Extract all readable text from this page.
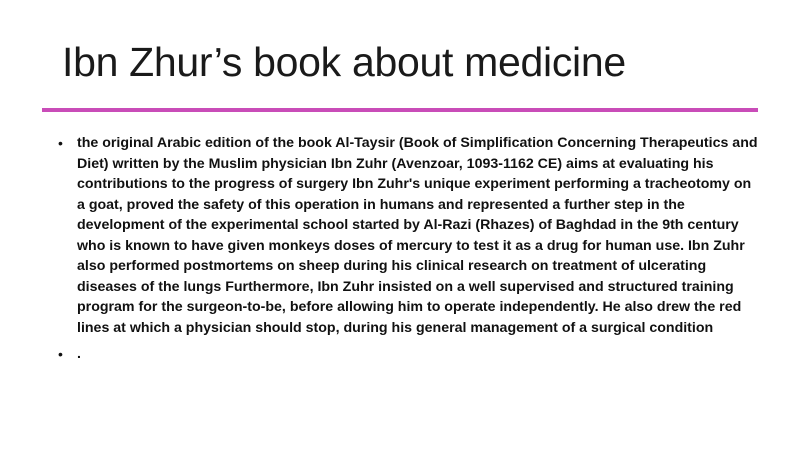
Ibn Zhur’s book about medicine
• the original Arabic edition of the book Al-Taysir (Book of Simplification Concerning Therapeutics and Diet) written by the Muslim physician Ibn Zuhr (Avenzoar, 1093-1162 CE) aims at evaluating his contributions to the progress of surgery Ibn Zuhr's unique experiment performing a tracheotomy on a goat, proved the safety of this operation in humans and represented a further step in the development of the experimental school started by Al-Razi (Rhazes) of Baghdad in the 9th century who is known to have given monkeys doses of mercury to test it as a drug for human use. Ibn Zuhr also performed postmortems on sheep during his clinical research on treatment of ulcerating diseases of the lungs Furthermore, Ibn Zuhr insisted on a well supervised and structured training program for the surgeon-to-be, before allowing him to operate independently. He also drew the red lines at which a physician should stop, during his general management of a surgical condition
• .
